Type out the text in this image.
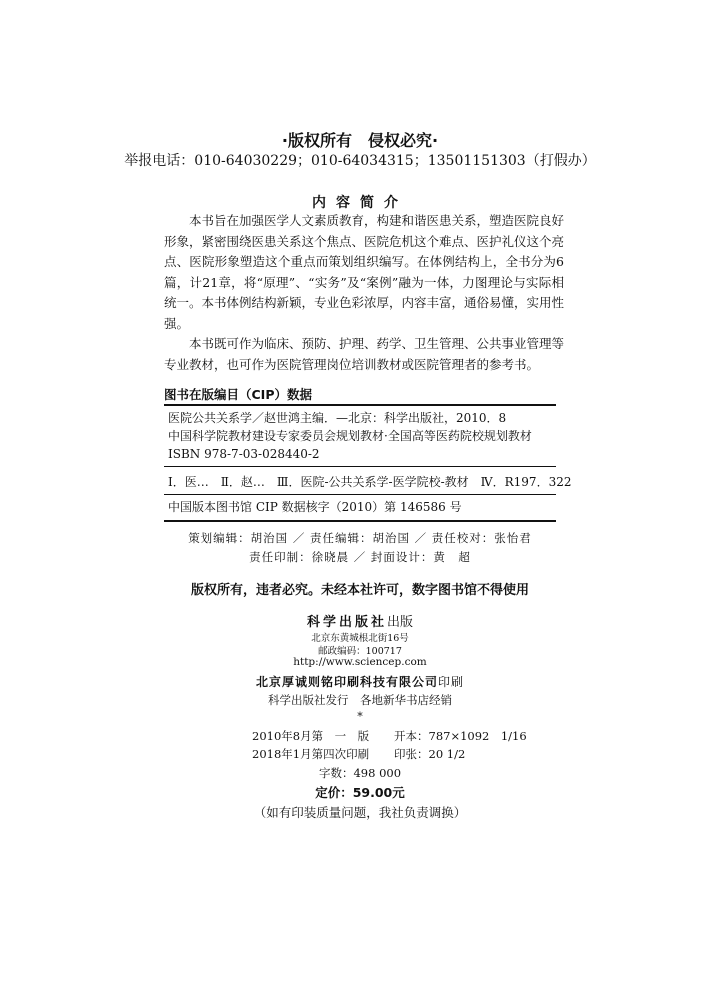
·版权所有　侵权必究·
举报电话：010-64030229；010-64034315；13501151303（打假办）
内容简介

本书旨在加强医学人文素质教育，构建和谐医患关系，塑造医院良好形象，紧密围绕医患关系这个焦点、医院危机这个难点、医护礼仪这个亮点、医院形象塑造这个重点而策划组织编写。在体例结构上，全书分为6篇，计21章，将“原理”、“实务”及“案例”融为一体，力图理论与实际相统一。本书体例结构新颖，专业色彩浓厚，内容丰富，通俗易懂，实用性强。

本书既可作为临床、预防、护理、药学、卫生管理、公共事业管理等专业教材，也可作为医院管理岗位培训教材或医院管理者的参考书。

图书在版编目（CIP）数据
医院公共关系学／赵世鸿主编．—北京：科学出版社，2010．8
中国科学院教材建设专家委员会规划教材·全国高等医药院校规划教材
ISBN 978-7-03-028440-2
Ⅰ．医…　Ⅱ．赵…　Ⅲ．医院-公共关系学-医学院校-教材　Ⅳ．R197．322
中国版本图书馆 CIP 数据核字（2010）第 146586 号
策划编辑：胡治国 ／ 责任编辑：胡治国 ／ 责任校对：张怡君
责任印制：徐晓晨 ／ 封面设计：黄　超
版权所有，违者必究。未经本社许可，数字图书馆不得使用
科学出版社出版
北京东黄城根北街16号
邮政编码：100717
http://www.sciencep.com
北京厚诚则铭印刷科技有限公司印刷
科学出版社发行　各地新华书店经销
*
2010年8月第　一　版 开本：787×1092　1/16
2018年1月第四次印刷 印张：20 1/2
字数：498 000
定价：59.00元
（如有印装质量问题，我社负责调换）
